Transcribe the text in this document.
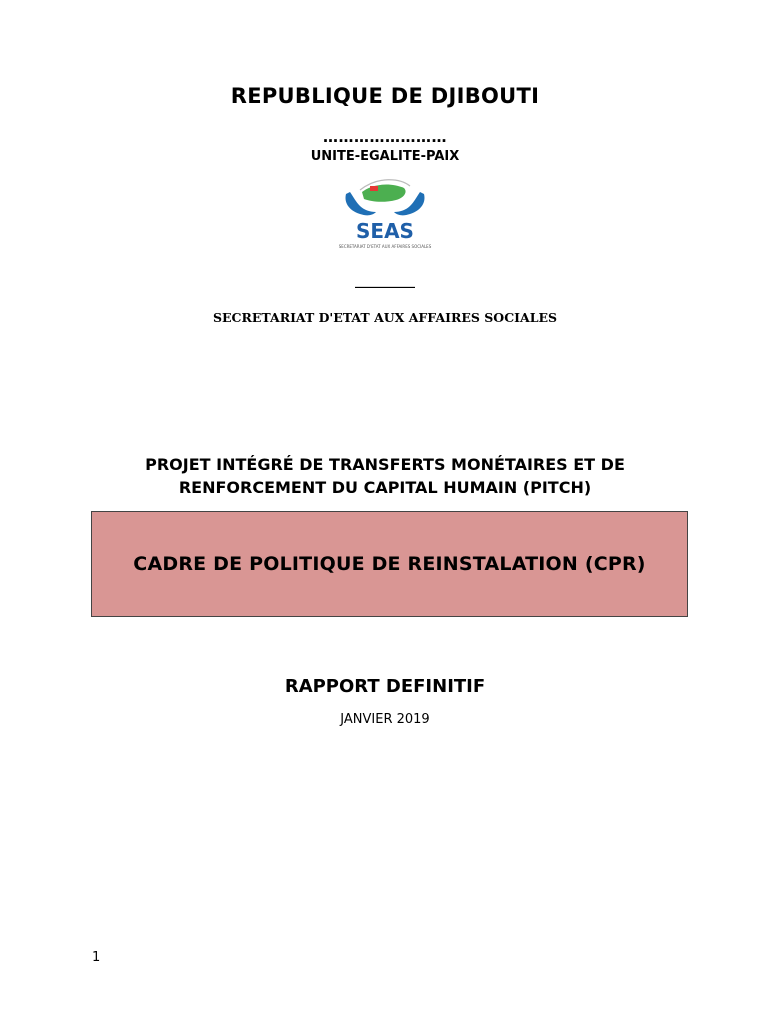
REPUBLIQUE DE DJIBOUTI
……………………
UNITE-EGALITE-PAIX
SEAS
SECRETARIAT D'ETAT AUX AFFAIRES SOCIALES
__________
SECRETARIAT D'ETAT AUX AFFAIRES SOCIALES
PROJET INTÉGRÉ DE TRANSFERTS MONÉTAIRES ET DE
RENFORCEMENT DU CAPITAL HUMAIN (PITCH)
CADRE DE POLITIQUE DE REINSTALATION (CPR)
RAPPORT DEFINITIF
JANVIER 2019
1
